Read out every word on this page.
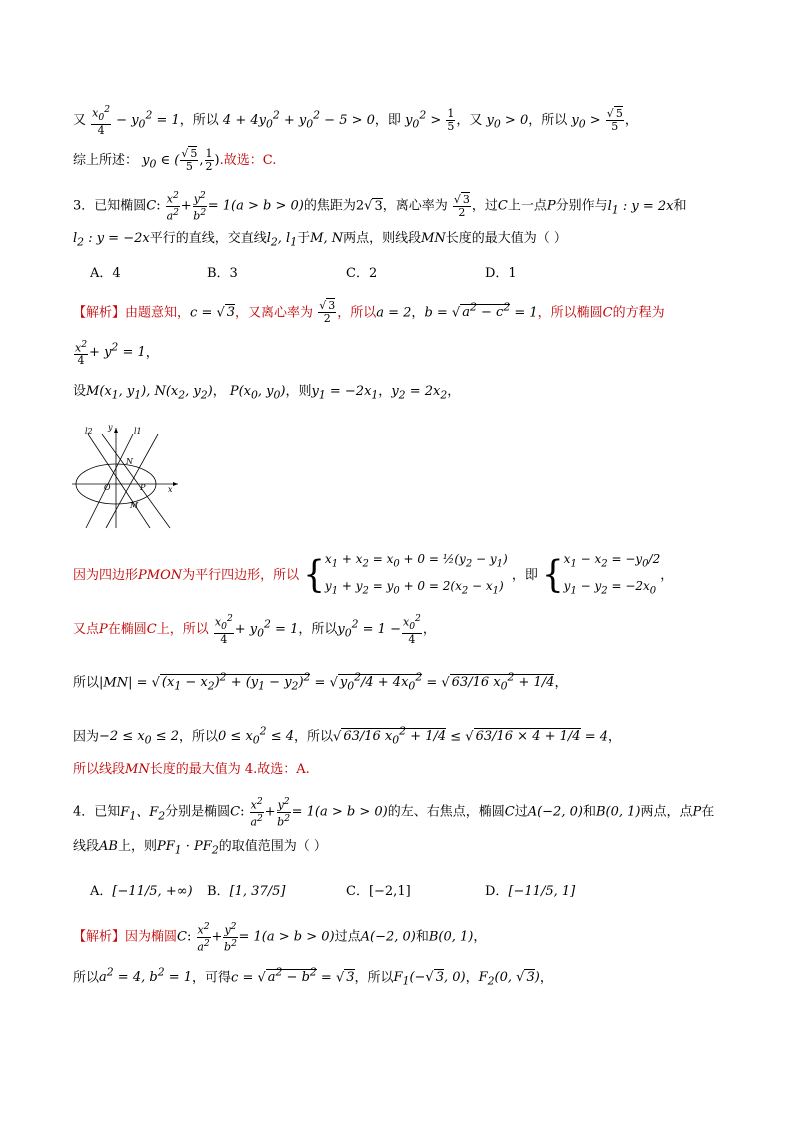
又 $\frac{x_0^2}{4} - y_0^2 = 1$，所以 $4 + 4y_0^2 + y_0^2 - 5 > 0$，即 $y_0^2 > \frac{1}{5}$ ，又 $y_0 > 0$，所以 $y_0 > \frac{√ 5}{5}$ ，
综上所述： $y_0$ ∈ ( $\frac{√ 5}{5}$ , $\frac{1}{2}$ ).故选：C.
3．已知椭圆C: $\frac{x^2}{a^2} + \frac{y^2}{b^2} = 1(a > b > 0)$的焦距为2√ 3，离心率为 $\frac{√ 3}{2}$ ，过C上一点P分别作与$l_1$ : y = 2x和
$l_2$ : y = −2x平行的直线，交直线$l_2$, $l_1$于M, N两点，则线段MN长度的最大值为（ ）
A．4	B．3	C．2	D．1
【解析】由题意知，c = √ 3，又离心率为 $\frac{√ 3}{2}$ ，所以a = 2，b = √ $a^2 - c^2 = 1$，所以椭圆C的方程为
$\frac{x^2}{4} + y^2 = 1$，
设$M(x_1$, $y_1$), $N(x_2$, $y_2$)， $P(x_0$, $y_0$)，则$y_1 = -2x_1$，$y_2 = 2x_2$，
l2 y	l1
N
O	P	x
M
因为四边形PMON为平行四边形，所以 { $x_1 + x_2 = x_0 + 0$ = $\frac{1}{2}(y_2 - y_1)$
$y_1 + y_2 = y_0 + 0 = 2(x_2 - x_1)$
，即 { $x_1 - x_2 = -y_0/2$
$y_1 - y_2 = -2x_0$
，
又点P在椭圆C上，所以 $\frac{x_0^2}{4} + y_0^2 = 1$，所以$y_0^2 = 1 - \frac{x_0^2}{4}$ ，
所以|MN| = √ $(x_1 - x_2)^2 + (y_1 - y_2)^2$ = √ $y_0^2/4 + 4x_0^2$ = √ 63/16 $x_0^2 + 1/4$，
因为$-2 \le x_0 \le 2$，所以$0 \le x_0^2 \le 4$，所以√ 63/16 $x_0^2 + 1/4$ ≤ √ 63/16 × 4 + 1/4 = 4，
所以线段MN长度的最大值为 4.故选：A.
4．已知$F_1$、$F_2$分别是椭圆C: $\frac{x^2}{a^2} + \frac{y^2}{b^2} = 1(a > b > 0)$的左、右焦点，椭圆C过A(−2, 0)和B(0, 1)两点，点P在
线段AB上，则$PF_1 \cdot PF_2$的取值范围为（ ）
A．[−11/5, +∞) B．[1, 37/5]	C．[−2,1]	D．[−11/5, 1]
【解析】因为椭圆C: $\frac{x^2}{a^2} + \frac{y^2}{b^2} = 1(a > b > 0)$过点A(−2, 0)和B(0, 1)，
所以$a^2 = 4$, $b^2 = 1$，可得c = √ $a^2 - b^2$ = √ 3，所以$F_1(-√$ 3, 0)，$F_2(0$, √ 3)，
